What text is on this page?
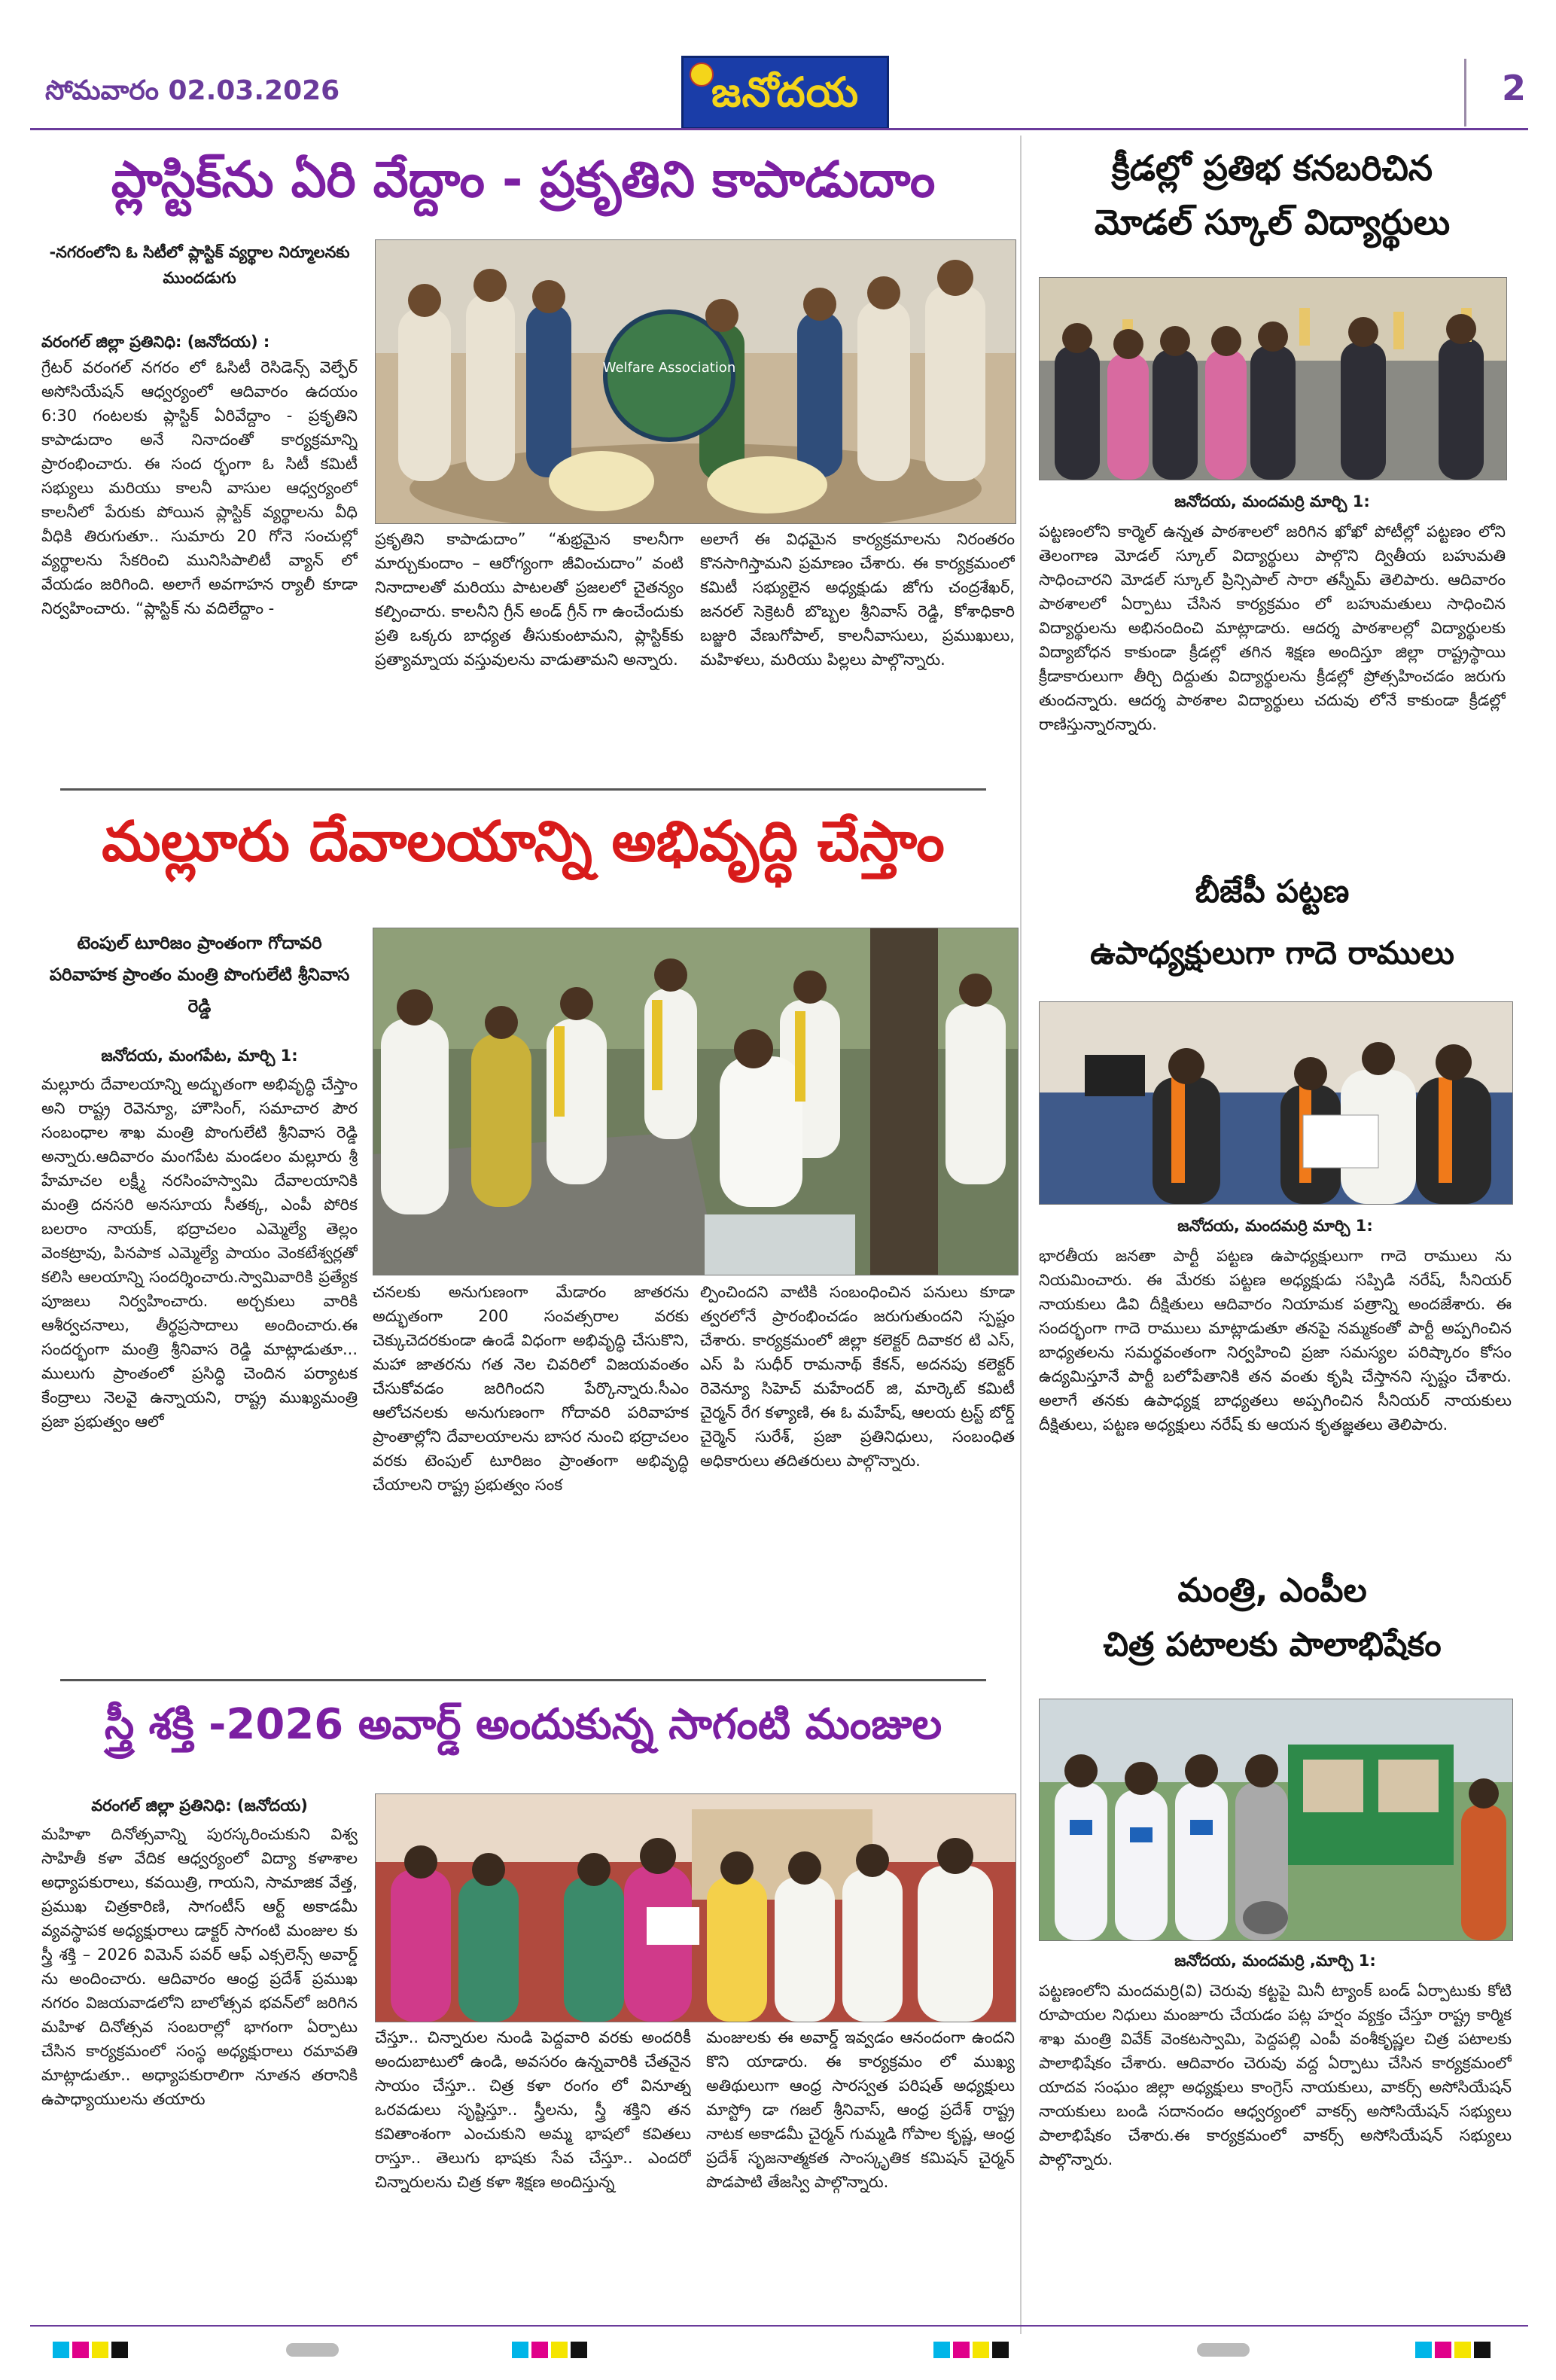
సోమవారం 02.03.2026	జనోదయ	2
ప్లాస్టిక్‌ను ఏరి వేద్దాం - ప్రకృతిని కాపాడుదాం
-నగరంలోని ఓ సిటీలో ప్లాస్టిక్ వ్యర్థాల నిర్మూలనకు ముందడుగు
వరంగల్ జిల్లా ప్రతినిధి: (జనోదయ) :
గ్రేటర్ వరంగల్ నగరం లో ఓసిటీ రెసిడెన్స్ వెల్ఫేర్ అసోసియేషన్ ఆధ్వర్యంలో ఆదివారం ఉదయం 6:30 గంటలకు ప్లాస్టిక్ ఏరివేద్దాం - ప్రకృతిని కాపాడుదాం అనే నినాదంతో కార్యక్రమాన్ని ప్రారంభించారు. ఈ సంద ర్భంగా ఓ సిటీ కమిటీ సభ్యులు మరియు కాలనీ వాసుల ఆధ్వర్యంలో కాలనీలో పేరుకు పోయిన ప్లాస్టిక్ వ్యర్థాలను వీధి వీధికి తిరుగుతూ.. సుమారు 20 గోనె సంచుల్లో వ్యర్థాలను సేకరించి మునిసిపాలిటీ వ్యాన్ లో వేయడం జరిగింది. అలాగే అవగాహన ర్యాలీ కూడా నిర్వహించారు. “ప్లాస్టిక్ ను వదిలేద్దాం -
Welfare Association
ప్రకృతిని కాపాడుదాం” “శుభ్రమైన కాలనీగా మార్చుకుందాం – ఆరోగ్యంగా జీవించుదాం” వంటి నినాదాలతో మరియు పాటలతో ప్రజలలో చైతన్యం కల్పించారు. కాలనీని గ్రీన్ అండ్ గ్రీన్ గా ఉంచేందుకు ప్రతి ఒక్కరు బాధ్యత తీసుకుంటామని, ప్లాస్టిక్‌కు ప్రత్యామ్నాయ వస్తువులను వాడుతామని అన్నారు.
అలాగే ఈ విధమైన కార్యక్రమాలను నిరంతరం కొనసాగిస్తామని ప్రమాణం చేశారు. ఈ కార్యక్రమంలో కమిటీ సభ్యులైన అధ్యక్షుడు జోగు చంద్రశేఖర్, జనరల్ సెక్రెటరీ బొబ్బల శ్రీనివాస్ రెడ్డి, కోశాధికారి బజ్జురి వేణుగోపాల్, కాలనీవాసులు, ప్రముఖులు, మహిళలు, మరియు పిల్లలు పాల్గొన్నారు.
మల్లూరు దేవాలయాన్ని అభివృద్ధి చేస్తాం
టెంపుల్ టూరిజం ప్రాంతంగా గోదావరి పరివాహక ప్రాంతం మంత్రి పొంగులేటి శ్రీనివాస రెడ్డి
జనోదయ, మంగపేట, మార్చి 1:
మల్లూరు దేవాలయాన్ని అద్భుతంగా అభివృద్ధి చేస్తాం అని రాష్ట్ర రెవెన్యూ, హౌసింగ్, సమాచార పౌర సంబంధాల శాఖ మంత్రి పొంగులేటి శ్రీనివాస రెడ్డి అన్నారు.ఆదివారం మంగపేట మండలం మల్లూరు శ్రీ హేమాచల లక్ష్మీ నరసింహస్వామి దేవాలయానికి మంత్రి దనసరి అనసూయ సీతక్క, ఎంపీ పోరిక బలరాం నాయక్, భద్రాచలం ఎమ్మెల్యే తెల్లం వెంకట్రావు, పినపాక ఎమ్మెల్యే పాయం వెంకటేశ్వర్లతో కలిసి ఆలయాన్ని సందర్శించారు.స్వామివారికి ప్రత్యేక పూజలు నిర్వహించారు. అర్చకులు వారికి ఆశీర్వచనాలు, తీర్థప్రసాదాలు అందించారు.ఈ సందర్భంగా మంత్రి శ్రీనివాస రెడ్డి మాట్లాడుతూ... ములుగు ప్రాంతంలో ప్రసిద్ధి చెందిన పర్యాటక కేంద్రాలు నెలవై ఉన్నాయని, రాష్ట్ర ముఖ్యమంత్రి ప్రజా ప్రభుత్వం ఆలో
చనలకు అనుగుణంగా మేడారం జాతరను అద్భుతంగా 200 సంవత్సరాల వరకు చెక్కుచెదరకుండా ఉండే విధంగా అభివృద్ధి చేసుకొని, మహా జాతరను గత నెల చివరిలో విజయవంతం చేసుకోవడం జరిగిందని పేర్కొన్నారు.సీఎం ఆలోచనలకు అనుగుణంగా గోదావరి పరివాహక ప్రాంతాల్లోని దేవాలయాలను బాసర నుంచి భద్రాచలం వరకు టెంపుల్ టూరిజం ప్రాంతంగా అభివృద్ధి చేయాలని రాష్ట్ర ప్రభుత్వం సంక
ల్పించిందని వాటికి సంబంధించిన పనులు కూడా త్వరలోనే ప్రారంభించడం జరుగుతుందని స్పష్టం చేశారు. కార్యక్రమంలో జిల్లా కలెక్టర్ దివాకర టి ఎస్, ఎస్ పి సుధీర్ రామనాథ్ కేకన్, అదనపు కలెక్టర్ రెవెన్యూ సిహెచ్ మహేందర్ జి, మార్కెట్ కమిటీ చైర్మన్ రేగ కళ్యాణి, ఈ ఓ మహేష్, ఆలయ ట్రస్ట్ బోర్డ్ చైర్మెన్ సురేశ్, ప్రజా ప్రతినిధులు, సంబంధిత అధికారులు తదితరులు పాల్గొన్నారు.
స్త్రీ శక్తి -2026 అవార్డ్ అందుకున్న సాగంటి మంజుల
వరంగల్ జిల్లా ప్రతినిధి: (జనోదయ)
మహిళా దినోత్సవాన్ని పురస్కరించుకుని విశ్వ సాహితీ కళా వేదిక ఆధ్వర్యంలో విద్యా కళాశాల అధ్యాపకురాలు, కవయిత్రి, గాయని, సామాజిక వేత్త, ప్రముఖ చిత్రకారిణి, సాగంటీస్ ఆర్ట్ అకాడమీ వ్యవస్థాపక అధ్యక్షురాలు డాక్టర్ సాగంటి మంజుల కు స్త్రీ శక్తి – 2026 విమెన్ పవర్ ఆఫ్ ఎక్సలెన్స్ అవార్డ్ ను అందించారు. ఆదివారం ఆంధ్ర ప్రదేశ్ ప్రముఖ నగరం విజయవాడలోని బాలోత్సవ భవన్‌లో జరిగిన మహిళ దినోత్సవ సంబరాల్లో భాగంగా ఏర్పాటు చేసిన కార్యక్రమంలో సంస్థ అధ్యక్షురాలు రమావతి మాట్లాడుతూ.. అధ్యాపకురాలిగా నూతన తరానికి ఉపాధ్యాయులను తయారు
చేస్తూ.. చిన్నారుల నుండి పెద్దవారి వరకు అందరికీ అందుబాటులో ఉండి, అవసరం ఉన్నవారికి చేతనైన సాయం చేస్తూ.. చిత్ర కళా రంగం లో వినూత్న ఒరవడులు సృష్టిస్తూ.. స్త్రీలను, స్త్రీ శక్తిని తన కవితాంశంగా ఎంచుకుని అమ్మ భాషలో కవితలు రాస్తూ.. తెలుగు భాషకు సేవ చేస్తూ.. ఎందరో చిన్నారులను చిత్ర కళా శిక్షణ అందిస్తున్న
మంజులకు ఈ అవార్డ్ ఇవ్వడం ఆనందంగా ఉందని కొని యాడారు. ఈ కార్యక్రమం లో ముఖ్య అతిథులుగా ఆంధ్ర సారస్వత పరిషత్ అధ్యక్షులు మాస్ట్రో డా గజల్ శ్రీనివాస్, ఆంధ్ర ప్రదేశ్ రాష్ట్ర నాటక అకాడమీ చైర్మన్ గుమ్మడి గోపాల కృష్ణ, ఆంధ్ర ప్రదేశ్ సృజనాత్మకత సాంస్కృతిక కమిషన్ చైర్మన్ పొడపాటి తేజస్వి పాల్గొన్నారు.
క్రీడల్లో ప్రతిభ కనబరిచిన
మోడల్ స్కూల్ విద్యార్థులు
జనోదయ, మందమర్రి మార్చి 1:
పట్టణంలోని కార్మెల్ ఉన్నత పాఠశాలలో జరిగిన ఖోఖో పోటీల్లో పట్టణం లోని తెలంగాణ మోడల్ స్కూల్ విద్యార్థులు పాల్గొని ద్వితీయ బహుమతి సాధించారని మోడల్ స్కూల్ ప్రిన్సిపాల్ సారా తస్నీమ్ తెలిపారు. ఆదివారం పాఠశాలలో ఏర్పాటు చేసిన కార్యక్రమం లో బహుమతులు సాధించిన విద్యార్థులను అభినందించి మాట్లాడారు. ఆదర్శ పాఠశాలల్లో విద్యార్థులకు విద్యాబోధన కాకుండా క్రీడల్లో తగిన శిక్షణ అందిస్తూ జిల్లా రాష్ట్రస్థాయి క్రీడాకారులుగా తీర్చి దిద్దుతు విద్యార్థులను క్రీడల్లో ప్రోత్సహించడం జరుగు తుందన్నారు. ఆదర్శ పాఠశాల విద్యార్థులు చదువు లోనే కాకుండా క్రీడల్లో రాణిస్తున్నారన్నారు.
బీజేపీ పట్టణ
ఉపాధ్యక్షులుగా గాదె రాములు
జనోదయ, మందమర్రి మార్చి 1:
భారతీయ జనతా పార్టీ పట్టణ ఉపాధ్యక్షులుగా గాదె రాములు ను నియమించారు. ఈ మేరకు పట్టణ అధ్యక్షుడు సప్పిడి నరేష్, సీనియర్ నాయకులు డివి దీక్షితులు ఆదివారం నియామక పత్రాన్ని అందజేశారు. ఈ సందర్భంగా గాదె రాములు మాట్లాడుతూ తనపై నమ్మకంతో పార్టీ అప్పగించిన బాధ్యతలను సమర్థవంతంగా నిర్వహించి ప్రజా సమస్యల పరిష్కారం కోసం ఉద్యమిస్తూనే పార్టీ బలోపేతానికి తన వంతు కృషి చేస్తానని స్పష్టం చేశారు. అలాగే తనకు ఉపాధ్యక్ష బాధ్యతలు అప్పగించిన సీనియర్ నాయకులు దీక్షితులు, పట్టణ అధ్యక్షులు నరేష్ కు ఆయన కృతజ్ఞతలు తెలిపారు.
మంత్రి, ఎంపీల
చిత్ర పటాలకు పాలాభిషేకం
జనోదయ, మందమర్రి ,మార్చి 1:
పట్టణంలోని మందమర్రి(వి) చెరువు కట్టపై మినీ ట్యాంక్ బండ్ ఏర్పాటుకు కోటి రూపాయల నిధులు మంజూరు చేయడం పట్ల హర్షం వ్యక్తం చేస్తూ రాష్ట్ర కార్మిక శాఖ మంత్రి వివేక్ వెంకటస్వామి, పెద్దపల్లి ఎంపీ వంశీకృష్ణల చిత్ర పటాలకు పాలాభిషేకం చేశారు. ఆదివారం చెరువు వద్ద ఏర్పాటు చేసిన కార్యక్రమంలో యాదవ సంఘం జిల్లా అధ్యక్షులు కాంగ్రెస్ నాయకులు, వాకర్స్ అసోసియేషన్ నాయకులు బండి సదానందం ఆధ్వర్యంలో వాకర్స్ అసోసియేషన్ సభ్యులు పాలాభిషేకం చేశారు.ఈ కార్యక్రమంలో వాకర్స్ అసోసియేషన్ సభ్యులు పాల్గొన్నారు.
